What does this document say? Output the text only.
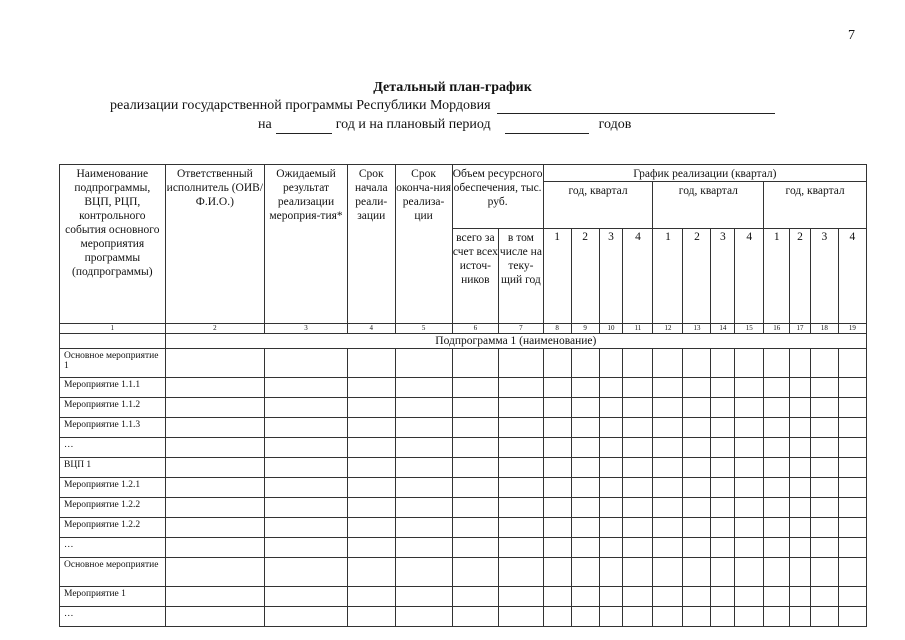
7
Детальный план-график
реализации государственной программы Республики Мордовия
на	год и на плановый период	годов
Наименование подпрограммы, ВЦП, РЦП, контрольного события основного мероприятия программы (подпрограммы)	Ответственный исполнитель (ОИВ/ Ф.И.О.)	Ожидаемый результат реализации мероприя-тия*	Срок начала реали-зации	Срок оконча-ния реализа-ции	Объем ресурсного обеспечения, тыс. руб.		График реализации (квартал)											
							год, квартал				год, квартал				год, квартал			
					всего за счет всех источ-ников	в том числе на теку-щий год	1	2	3	4	1	2	3	4	1	2	3	4
1	2	3	4	5	6	7	8	9	10	11	12	13	14	15	16	17	18	19
	Подпрограмма 1 (наименование)																	
Основное мероприятие 1																		
Мероприятие 1.1.1																		
Мероприятие 1.1.2																		
Мероприятие 1.1.3																		
…																		
ВЦП 1																		
Мероприятие 1.2.1																		
Мероприятие 1.2.2																		
Мероприятие 1.2.2																		
…																		
Основное мероприятие																		
Мероприятие 1																		
…																		
